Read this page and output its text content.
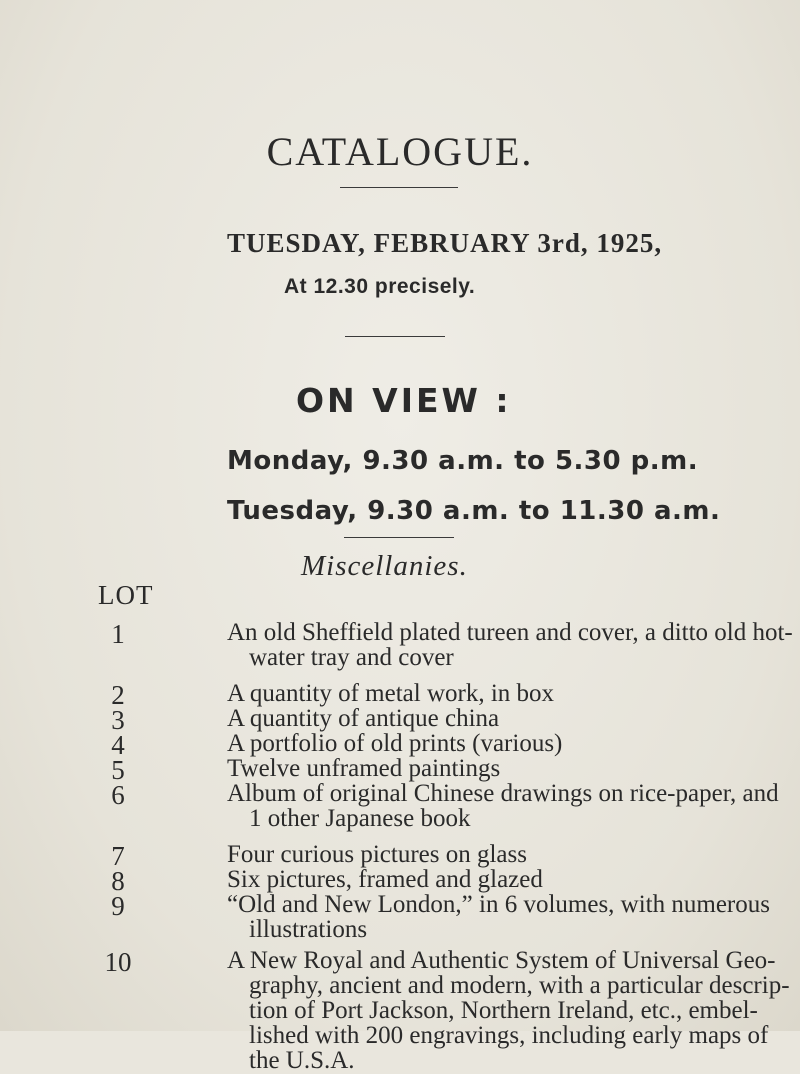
CATALOGUE.
TUESDAY, FEBRUARY 3rd, 1925,
At 12.30 precisely.
ON VIEW :
Monday, 9.30 a.m. to 5.30 p.m.
Tuesday, 9.30 a.m. to 11.30 a.m.
Miscellanies.
LOT
1	An old Sheffield plated tureen and cover, a ditto old hot-
water tray and cover
2	A quantity of metal work, in box
3	A quantity of antique china
4	A portfolio of old prints (various)
5	Twelve unframed paintings
6	Album of original Chinese drawings on rice-paper, and
1 other Japanese book
7	Four curious pictures on glass
8	Six pictures, framed and glazed
9	“Old and New London,” in 6 volumes, with numerous
illustrations
10	A New Royal and Authentic System of Universal Geo-
graphy, ancient and modern, with a particular descrip-
tion of Port Jackson, Northern Ireland, etc., embel-
lished with 200 engravings, including early maps of
the U.S.A.
